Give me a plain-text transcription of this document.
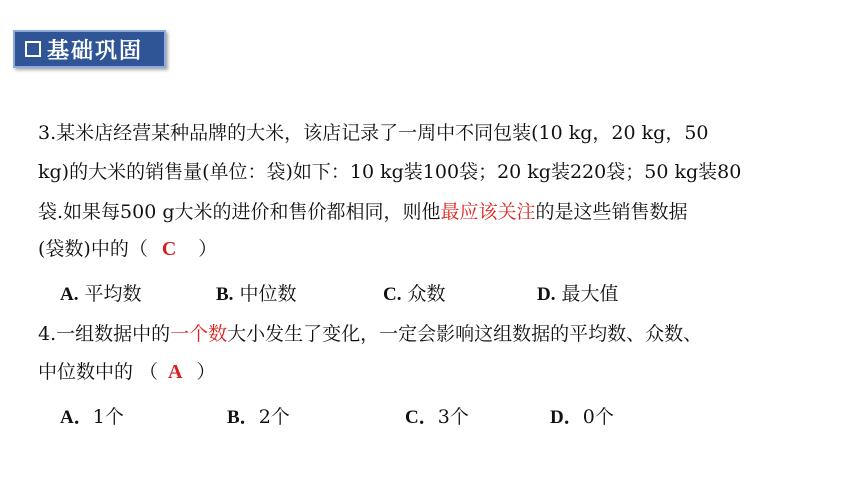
基础巩固
3.某米店经营某种品牌的大米，该店记录了一周中不同包装(10 kg，20 kg，50
kg)的大米的销售量(单位：袋)如下：10 kg装100袋；20 kg装220袋；50 kg装80
袋.如果每500 g大米的进价和售价都相同，则他最应该关注的是这些销售数据
(袋数)中的（ C ）
A. 平均数	B. 中位数	C. 众数	D. 最大值
4.一组数据中的一个数大小发生了变化，一定会影响这组数据的平均数、众数、
中位数中的 （ A ）
A．1个	B．2个	C．3个	D．0个
